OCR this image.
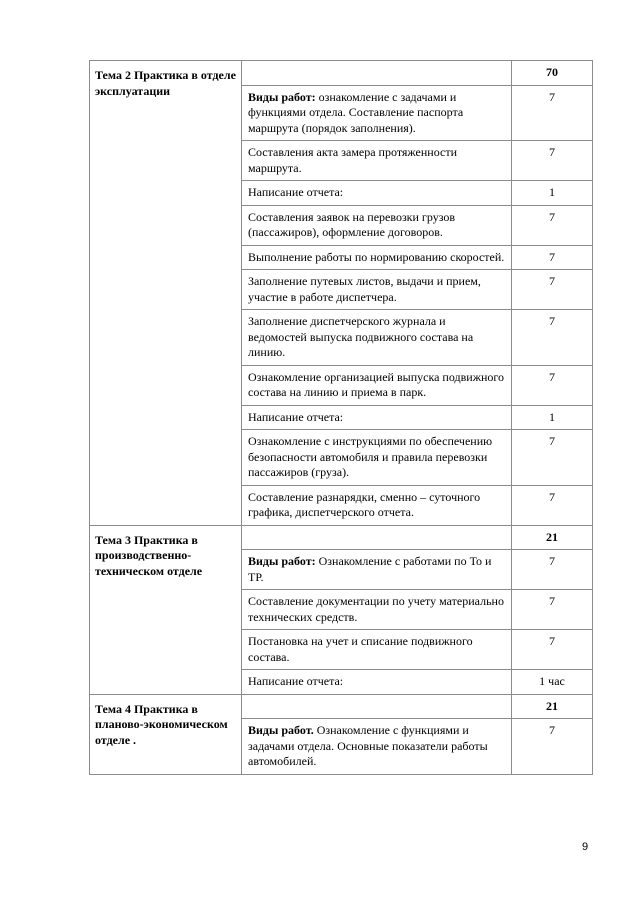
Тема 2 Практика в отделе эксплуатации		70
	Виды работ: ознакомление с задачами и функциями отдела. Составление паспорта маршрута (порядок заполнения).	7
	Составления акта замера протяженности маршрута.	7
	Написание отчета:	1
	Составления заявок на перевозки грузов (пассажиров), оформление договоров.	7
	Выполнение работы по нормированию скоростей.	7
	Заполнение путевых листов, выдачи и прием, участие в работе диспетчера.	7
	Заполнение диспетчерского журнала и ведомостей выпуска подвижного состава на линию.	7
	Ознакомление организацией выпуска подвижного состава на линию и приема в парк.	7
	Написание отчета:	1
	Ознакомление с инструкциями по обеспечению безопасности автомобиля и правила перевозки пассажиров (груза).	7
	Составление разнарядки, сменно – суточного графика, диспетчерского отчета.	7
Тема 3 Практика в производственно-техническом отделе		21
	Виды работ: Ознакомление с работами по То и ТР.	7
	Составление документации по учету материально технических средств.	7
	Постановка на учет и списание подвижного состава.	7
	Написание отчета:	1 час
Тема 4 Практика в планово-экономическом отделе .		21
	Виды работ. Ознакомление с функциями и задачами отдела. Основные показатели работы автомобилей.	7
9
